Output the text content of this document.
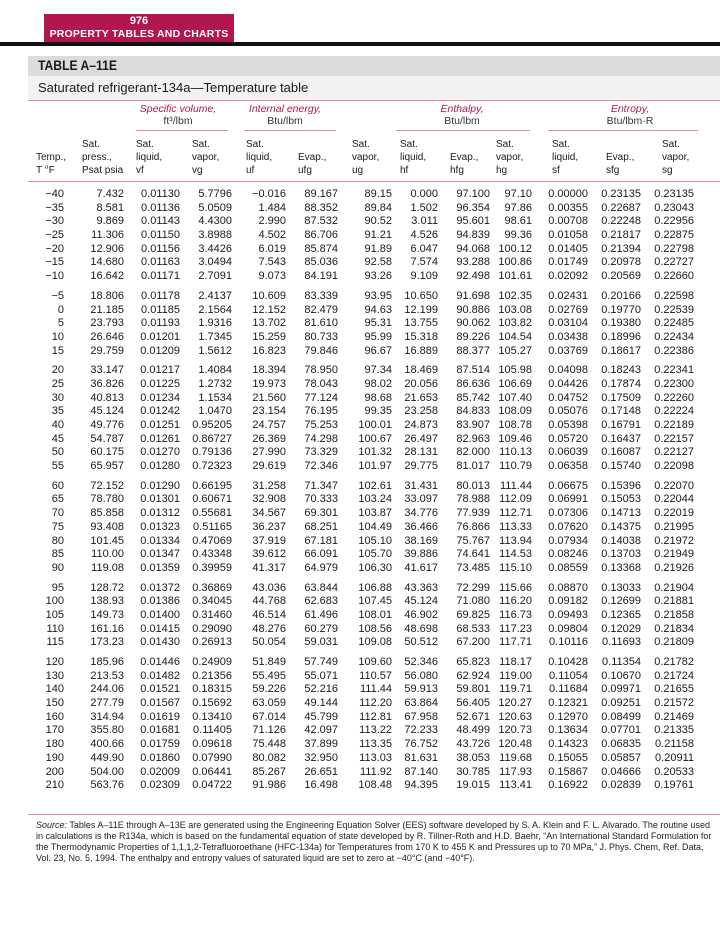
976
PROPERTY TABLES AND CHARTS
TABLE A–11E
Saturated refrigerant-134a—Temperature table
Specific volume,
ft³/lbm
Internal energy,
Btu/lbm
Enthalpy,
Btu/lbm
Entropy,
Btu/lbm·R
Temp.,
T °F
Sat.
press.,
Psat psia
Sat.
liquid,
vf
Sat.
vapor,
vg
Sat.
liquid,
uf
Evap.,
ufg
Sat.
vapor,
ug
Sat.
liquid,
hf
Evap.,
hfg
Sat.
vapor,
hg
Sat.
liquid,
sf
Evap.,
sfg
Sat.
vapor,
sg
−40	7.432	0.01130	5.7796	−0.016	89.167	89.15	0.000	97.100	97.10	0.00000	0.23135	0.23135
−35	8.581	0.01136	5.0509	1.484	88.352	89.84	1.502	96.354	97.86	0.00355	0.22687	0.23043
−30	9.869	0.01143	4.4300	2.990	87.532	90.52	3.011	95.601	98.61	0.00708	0.22248	0.22956
−25	11.306	0.01150	3.8988	4.502	86.706	91.21	4.526	94.839	99.36	0.01058	0.21817	0.22875
−20	12.906	0.01156	3.4426	6.019	85.874	91.89	6.047	94.068 100.12	0.01405	0.21394	0.22798
−15	14.680	0.01163	3.0494	7.543	85.036	92.58	7.574	93.288 100.86	0.01749	0.20978	0.22727
−10	16.642	0.01171	2.7091	9.073	84.191	93.26	9.109	92.498 101.61	0.02092	0.20569	0.22660
−5	18.806	0.01178	2.4137	10.609	83.339	93.95	10.650	91.698 102.35	0.02431	0.20166	0.22598
0	21.185	0.01185	2.1564	12.152	82.479	94.63	12.199	90.886 103.08	0.02769	0.19770	0.22539
5	23.793	0.01193	1.9316	13.702	81.610	95.31	13.755	90.062 103.82	0.03104	0.19380	0.22485
10	26.646	0.01201	1.7345	15.259	80.733	95.99	15.318	89.226 104.54	0.03438	0.18996	0.22434
15	29.759	0.01209	1.5612	16.823	79.846	96.67	16.889	88.377 105.27	0.03769	0.18617	0.22386
20	33.147	0.01217	1.4084	18.394	78.950	97.34	18.469	87.514 105.98	0.04098	0.18243	0.22341
25	36.826	0.01225	1.2732	19.973	78.043	98.02	20.056	86.636 106.69	0.04426	0.17874	0.22300
30	40.813	0.01234	1.1534	21.560	77.124	98.68	21.653	85.742 107.40	0.04752	0.17509	0.22260
35	45.124	0.01242	1.0470	23.154	76.195	99.35	23.258	84.833 108.09	0.05076	0.17148	0.22224
40	49.776	0.01251	0.95205	24.757	75.253	100.01	24.873	83.907 108.78	0.05398	0.16791	0.22189
45	54.787	0.01261	0.86727	26.369	74.298	100.67	26.497	82.963 109.46	0.05720	0.16437	0.22157
50	60.175	0.01270	0.79136	27.990	73.329	101.32	28.131	82.000 110.13	0.06039	0.16087	0.22127
55	65.957	0.01280	0.72323	29.619	72.346	101.97	29.775	81.017 110.79	0.06358	0.15740	0.22098
60	72.152	0.01290	0.66195	31.258	71.347	102.61	31.431	80.013 111.44	0.06675	0.15396	0.22070
65	78.780	0.01301	0.60671	32.908	70.333	103.24	33.097	78.988 112.09	0.06991	0.15053	0.22044
70	85.858	0.01312	0.55681	34.567	69.301	103.87	34.776	77.939 112.71	0.07306	0.14713	0.22019
75	93.408	0.01323	0.51165	36.237	68.251	104.49	36.466	76.866 113.33	0.07620	0.14375	0.21995
80	101.45	0.01334	0.47069	37.919	67.181	105.10	38.169	75.767 113.94	0.07934	0.14038	0.21972
85	110.00	0.01347	0.43348	39.612	66.091	105.70	39.886	74.641 114.53	0.08246	0.13703	0.21949
90	119.08	0.01359	0.39959	41.317	64.979	106.30	41.617	73.485 115.10	0.08559	0.13368	0.21926
95	128.72	0.01372	0.36869	43.036	63.844	106.88	43.363	72.299 115.66	0.08870	0.13033	0.21904
100	138.93	0.01386	0.34045	44.768	62.683	107.45	45.124	71.080 116.20	0.09182	0.12699	0.21881
105	149.73	0.01400	0.31460	46.514	61.496	108.01	46.902	69.825 116.73	0.09493	0.12365	0.21858
110	161.16	0.01415	0.29090	48.276	60.279	108.56	48.698	68.533 117.23	0.09804	0.12029	0.21834
115	173.23	0.01430	0.26913	50.054	59.031	109.08	50.512	67.200 117.71	0.10116	0.11693	0.21809
120	185.96	0.01446	0.24909	51.849	57.749	109.60	52.346	65.823 118.17	0.10428	0.11354	0.21782
130	213.53	0.01482	0.21356	55.495	55.071	110.57	56.080	62.924 119.00	0.11054	0.10670	0.21724
140	244.06	0.01521	0.18315	59.226	52.216	111.44	59.913	59.801 119.71	0.11684	0.09971	0.21655
150	277.79	0.01567	0.15692	63.059	49.144	112.20	63.864	56.405 120.27	0.12321	0.09251	0.21572
160	314.94	0.01619	0.13410	67.014	45.799	112.81	67.958	52.671 120.63	0.12970	0.08499	0.21469
170	355.80	0.01681	0.11405	71.126	42.097	113.22	72.233	48.499 120.73	0.13634	0.07701	0.21335
180	400.66	0.01759	0.09618	75.448	37.899	113.35	76.752	43.726 120.48	0.14323	0.06835	0.21158
190	449.90	0.01860	0.07990	80.082	32.950	113.03	81.631	38.053 119.68	0.15055	0.05857	0.20911
200	504.00	0.02009	0.06441	85.267	26.651	111.92	87.140	30.785 117.93	0.15867	0.04666	0.20533
210	563.76	0.02309	0.04722	91.986	16.498	108.48	94.395	19.015 113.41	0.16922	0.02839	0.19761
Source: Tables A–11E through A–13E are generated using the Engineering Equation Solver (EES) software developed by S. A. Klein and F. L. Alvarado. The routine used in calculations is the R134a, which is based on the fundamental equation of state developed by R. Tillner-Roth and H.D. Baehr, “An International Standard Formulation for the Thermodynamic Properties of 1,1,1,2-Tetrafluoroethane (HFC-134a) for Temperatures from 170 K to 455 K and Pressures up to 70 MPa,” J. Phys. Chem, Ref. Data, Vol. 23, No. 5, 1994. The enthalpy and entropy values of saturated liquid are set to zero at −40°C (and −40°F).
